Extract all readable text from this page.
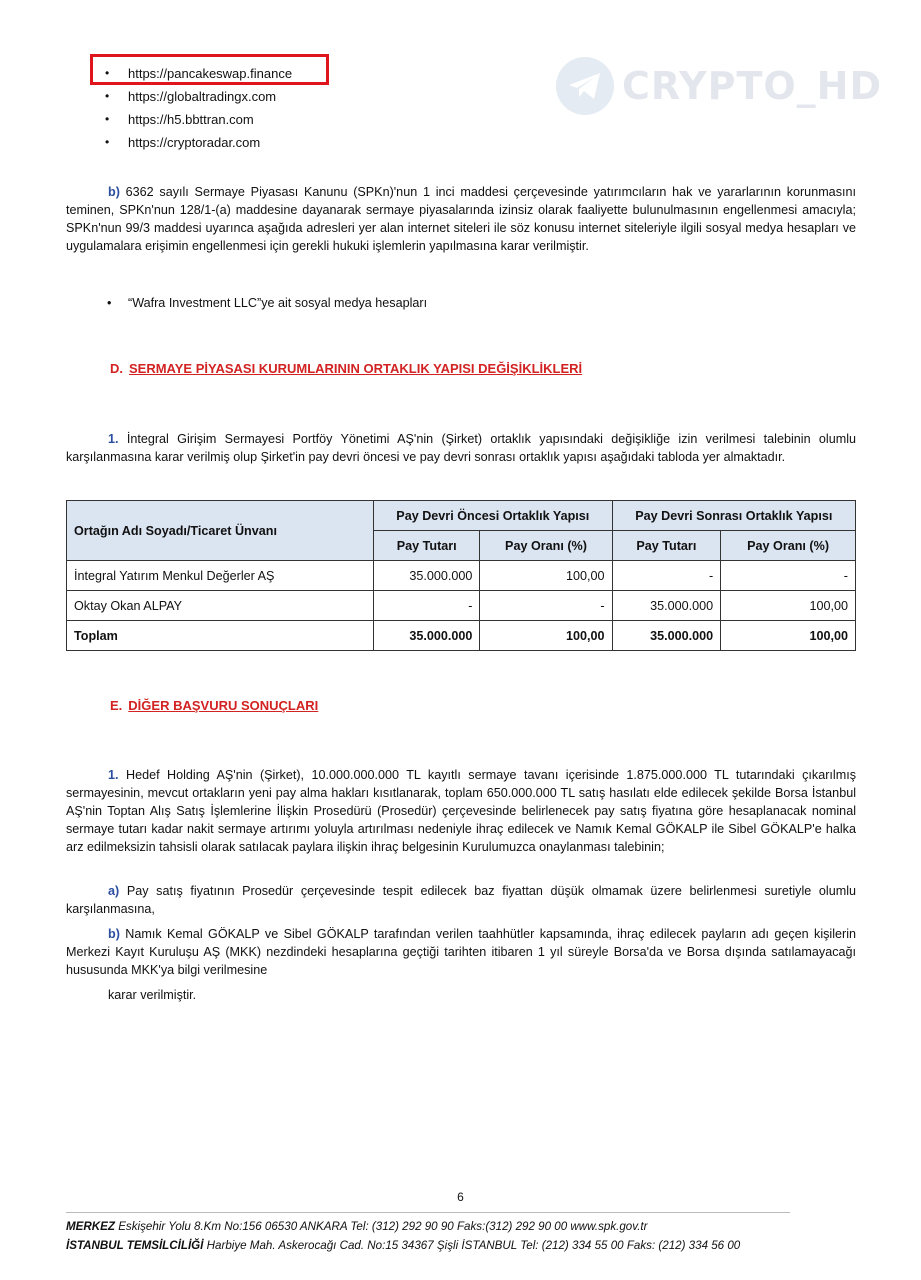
• https://pancakeswap.finance
• https://globaltradingx.com
• https://h5.bbttran.com
• https://cryptoradar.com
CRYPTO_HD

b) 6362 sayılı Sermaye Piyasası Kanunu (SPKn)'nun 1 inci maddesi çerçevesinde yatırımcıların hak ve yararlarının korunmasını teminen, SPKn'nun 128/1-(a) maddesine dayanarak sermaye piyasalarında izinsiz olarak faaliyette bulunulmasının engellenmesi amacıyla; SPKn'nun 99/3 maddesi uyarınca aşağıda adresleri yer alan internet siteleri ile söz konusu internet siteleriyle ilgili sosyal medya hesapları ve uygulamalara erişimin engellenmesi için gerekli hukuki işlemlerin yapılmasına karar verilmiştir.

• “Wafra Investment LLC”ye ait sosyal medya hesapları
D. SERMAYE PİYASASI KURUMLARININ ORTAKLIK YAPISI DEĞİŞİKLİKLERİ

1. İntegral Girişim Sermayesi Portföy Yönetimi AŞ'nin (Şirket) ortaklık yapısındaki değişikliğe izin verilmesi talebinin olumlu karşılanmasına karar verilmiş olup Şirket'in pay devri öncesi ve pay devri sonrası ortaklık yapısı aşağıdaki tabloda yer almaktadır.

Ortağın Adı Soyadı/Ticaret Ünvanı	Pay Devri Öncesi Ortaklık Yapısı		Pay Devri Sonrası Ortaklık Yapısı	
	Pay Tutarı	Pay Oranı (%)	Pay Tutarı	Pay Oranı (%)
İntegral Yatırım Menkul Değerler AŞ	35.000.000	100,00	-	-
Oktay Okan ALPAY	-	-	35.000.000	100,00
Toplam	35.000.000	100,00	35.000.000	100,00
E. DİĞER BAŞVURU SONUÇLARI

1. Hedef Holding AŞ'nin (Şirket), 10.000.000.000 TL kayıtlı sermaye tavanı içerisinde 1.875.000.000 TL tutarındaki çıkarılmış sermayesinin, mevcut ortakların yeni pay alma hakları kısıtlanarak, toplam 650.000.000 TL satış hasılatı elde edilecek şekilde Borsa İstanbul AŞ'nin Toptan Alış Satış İşlemlerine İlişkin Prosedürü (Prosedür) çerçevesinde belirlenecek pay satış fiyatına göre hesaplanacak nominal sermaye tutarı kadar nakit sermaye artırımı yoluyla artırılması nedeniyle ihraç edilecek ve Namık Kemal GÖKALP ile Sibel GÖKALP'e halka arz edilmeksizin tahsisli olarak satılacak paylara ilişkin ihraç belgesinin Kurulumuzca onaylanması talebinin;

a) Pay satış fiyatının Prosedür çerçevesinde tespit edilecek baz fiyattan düşük olmamak üzere belirlenmesi suretiyle olumlu karşılanmasına,

b) Namık Kemal GÖKALP ve Sibel GÖKALP tarafından verilen taahhütler kapsamında, ihraç edilecek payların adı geçen kişilerin Merkezi Kayıt Kuruluşu AŞ (MKK) nezdindeki hesaplarına geçtiği tarihten itibaren 1 yıl süreyle Borsa'da ve Borsa dışında satılamayacağı hususunda MKK'ya bilgi verilmesine

karar verilmiştir.
6
MERKEZ Eskişehir Yolu 8.Km No:156 06530 ANKARA Tel: (312) 292 90 90 Faks:(312) 292 90 00 www.spk.gov.tr
İSTANBUL TEMSİLCİLİĞİ Harbiye Mah. Askerocağı Cad. No:15 34367 Şişli İSTANBUL Tel: (212) 334 55 00 Faks: (212) 334 56 00
